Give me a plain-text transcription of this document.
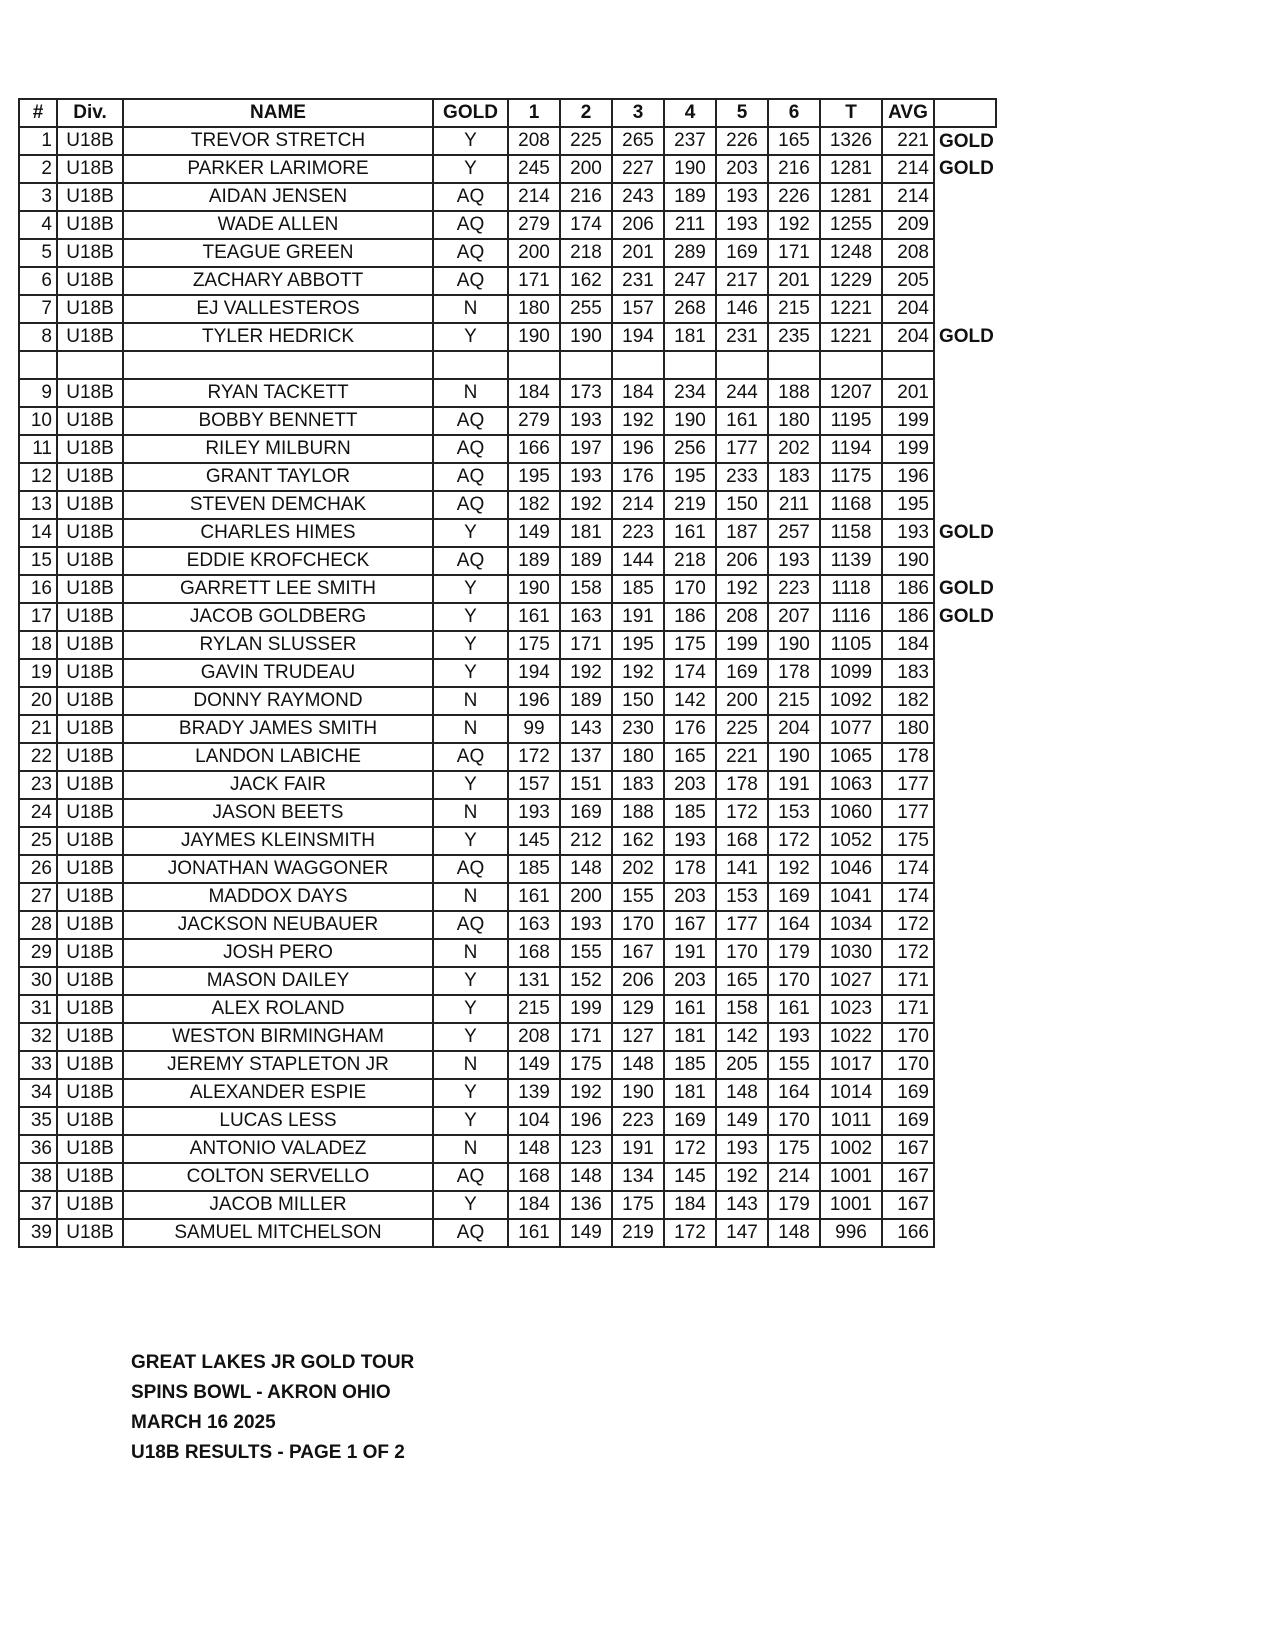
#	Div.	NAME	GOLD	1	2	3	4	5	6	T	AVG	
1	U18B	TREVOR STRETCH	Y	208	225	265	237	226	165	1326	221	GOLD
2	U18B	PARKER LARIMORE	Y	245	200	227	190	203	216	1281	214	GOLD
3	U18B	AIDAN JENSEN	AQ	214	216	243	189	193	226	1281	214	
4	U18B	WADE ALLEN	AQ	279	174	206	211	193	192	1255	209	
5	U18B	TEAGUE GREEN	AQ	200	218	201	289	169	171	1248	208	
6	U18B	ZACHARY ABBOTT	AQ	171	162	231	247	217	201	1229	205	
7	U18B	EJ VALLESTEROS	N	180	255	157	268	146	215	1221	204	
8	U18B	TYLER HEDRICK	Y	190	190	194	181	231	235	1221	204	GOLD

9	U18B	RYAN TACKETT	N	184	173	184	234	244	188	1207	201	
10	U18B	BOBBY BENNETT	AQ	279	193	192	190	161	180	1195	199	
11	U18B	RILEY MILBURN	AQ	166	197	196	256	177	202	1194	199	
12	U18B	GRANT TAYLOR	AQ	195	193	176	195	233	183	1175	196	
13	U18B	STEVEN DEMCHAK	AQ	182	192	214	219	150	211	1168	195	
14	U18B	CHARLES HIMES	Y	149	181	223	161	187	257	1158	193	GOLD
15	U18B	EDDIE KROFCHECK	AQ	189	189	144	218	206	193	1139	190	
16	U18B	GARRETT LEE SMITH	Y	190	158	185	170	192	223	1118	186	GOLD
17	U18B	JACOB GOLDBERG	Y	161	163	191	186	208	207	1116	186	GOLD
18	U18B	RYLAN SLUSSER	Y	175	171	195	175	199	190	1105	184	
19	U18B	GAVIN TRUDEAU	Y	194	192	192	174	169	178	1099	183	
20	U18B	DONNY RAYMOND	N	196	189	150	142	200	215	1092	182	
21	U18B	BRADY JAMES SMITH	N	99	143	230	176	225	204	1077	180	
22	U18B	LANDON LABICHE	AQ	172	137	180	165	221	190	1065	178	
23	U18B	JACK FAIR	Y	157	151	183	203	178	191	1063	177	
24	U18B	JASON BEETS	N	193	169	188	185	172	153	1060	177	
25	U18B	JAYMES KLEINSMITH	Y	145	212	162	193	168	172	1052	175	
26	U18B	JONATHAN WAGGONER	AQ	185	148	202	178	141	192	1046	174	
27	U18B	MADDOX DAYS	N	161	200	155	203	153	169	1041	174	
28	U18B	JACKSON NEUBAUER	AQ	163	193	170	167	177	164	1034	172	
29	U18B	JOSH PERO	N	168	155	167	191	170	179	1030	172	
30	U18B	MASON DAILEY	Y	131	152	206	203	165	170	1027	171	
31	U18B	ALEX ROLAND	Y	215	199	129	161	158	161	1023	171	
32	U18B	WESTON BIRMINGHAM	Y	208	171	127	181	142	193	1022	170	
33	U18B	JEREMY STAPLETON JR	N	149	175	148	185	205	155	1017	170	
34	U18B	ALEXANDER ESPIE	Y	139	192	190	181	148	164	1014	169	
35	U18B	LUCAS LESS	Y	104	196	223	169	149	170	1011	169	
36	U18B	ANTONIO VALADEZ	N	148	123	191	172	193	175	1002	167	
38	U18B	COLTON SERVELLO	AQ	168	148	134	145	192	214	1001	167	
37	U18B	JACOB MILLER	Y	184	136	175	184	143	179	1001	167	
39	U18B	SAMUEL MITCHELSON	AQ	161	149	219	172	147	148	996	166	
GREAT LAKES JR GOLD TOUR
SPINS BOWL - AKRON OHIO
MARCH 16 2025
U18B RESULTS - PAGE 1 OF 2
